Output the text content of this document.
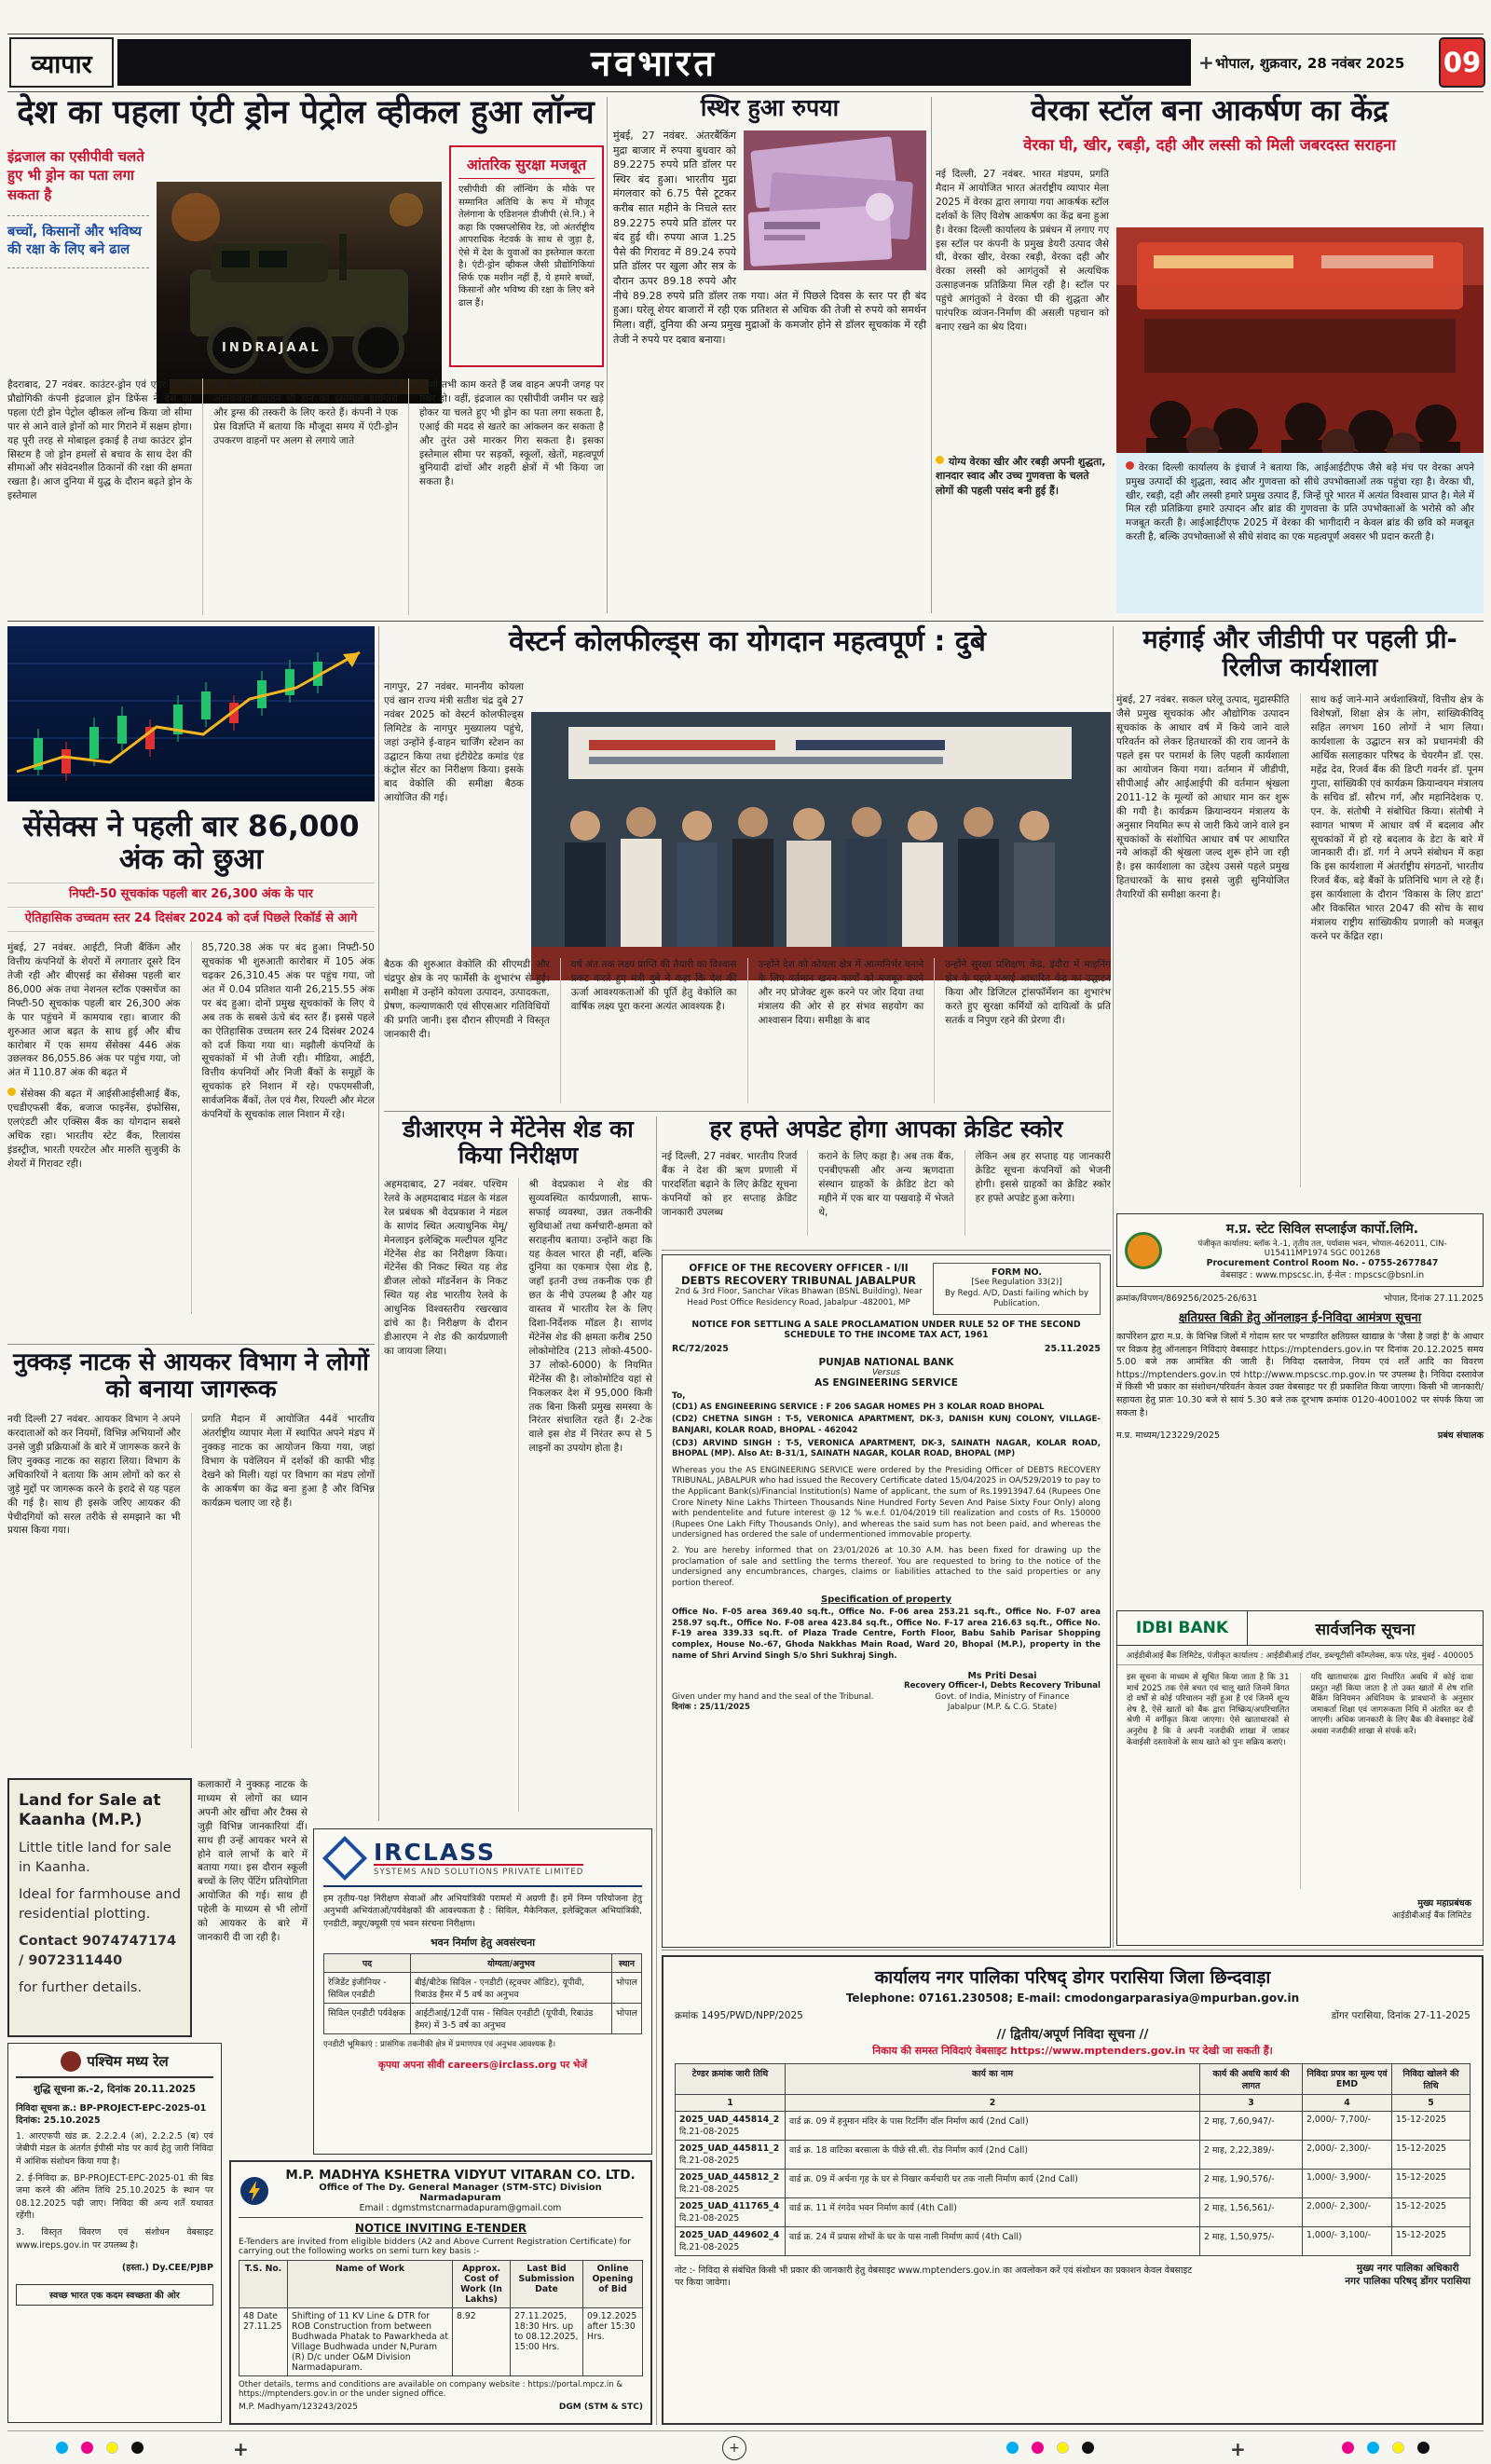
व्यापार	नवभारत	+ भोपाल, शुक्रवार, 28 नवंबर 2025	09
देश का पहला एंटी ड्रोन पेट्रोल व्हीकल हुआ लॉन्च
इंद्रजाल का एसीपीवी चलते हुए भी ड्रोन का पता लगा सकता है
बच्चों, किसानों और भविष्य की रक्षा के लिए बने ढाल
INDRAJAAL
आंतरिक सुरक्षा मजबूत
एसीपीवी की लॉन्चिंग के मौके पर सम्मानित अतिथि के रूप में मौजूद तेलंगाना के एडिशनल डीजीपी (से.नि.) ने कहा कि एक्सप्लोसिव रेड, जो अंतर्राष्ट्रीय आपराधिक नेटवर्क के साथ से जुड़ा है, ऐसे में देश के युवाओं का इस्तेमाल करता है। एंटी-ड्रोन व्हीकल जैसी प्रौद्योगिकियां सिर्फ एक मशीन नहीं हैं, ये हमारे बच्चों, किसानों और भविष्य की रक्षा के लिए बने ढाल हैं।
हैदराबाद, 27 नवंबर. काउंटर-ड्रोन एवं एयर डिफेंस प्रौद्योगिकी कंपनी इंद्रजाल ड्रोन डिफेंस ने देश का पहला एंटी ड्रोन पेट्रोल व्हीकल लॉन्च किया जो सीमा पार से आने वाले ड्रोनों को मार गिराने में सक्षम होगा। यह पूरी तरह से मोबाइल इकाई है तथा काउंटर ड्रोन सिस्टम है जो ड्रोन हमलों से बचाव के साथ देश की सीमाओं और संवेदनशील ठिकानों की रक्षा की क्षमता रखता है। आज दुनिया में युद्ध के दौरान बढ़ते ड्रोन के इस्तेमाल
को ध्यान में रखते हुए बनाया गया है। सीमा पार से आतंकवादी संगठन भी ड्रोन का इस्तेमाल हथियारों और ड्रग्स की तस्करी के लिए करते हैं। कंपनी ने एक प्रेस विज्ञप्ति में बताया कि मौजूदा समय में एंटी-ड्रोन उपकरण वाहनों पर अलग से लगाये जाते
हैं जो तभी काम करते हैं जब वाहन अपनी जगह पर स्थिर हो। वहीं, इंद्रजाल का एसीपीवी जमीन पर खड़े होकर या चलते हुए भी ड्रोन का पता लगा सकता है, एआई की मदद से खतरे का आंकलन कर सकता है और तुरंत उसे मारकर गिरा सकता है। इसका इस्तेमाल सीमा पर सड़कों, स्कूलों, खेतों, महत्वपूर्ण बुनियादी ढांचों और शहरी क्षेत्रों में भी किया जा सकता है।
स्थिर हुआ रुपया
मुंबई, 27 नवंबर. अंतरबैंकिंग मुद्रा बाजार में रुपया बुधवार को 89.2275 रुपये प्रति डॉलर पर स्थिर बंद हुआ। भारतीय मुद्रा मंगलवार को 6.75 पैसे टूटकर करीब सात महीने के निचले स्तर 89.2275 रुपये प्रति डॉलर पर बंद हुई थी। रुपया आज 1.25 पैसे की गिरावट में 89.24 रुपये प्रति डॉलर पर खुला और सत्र के दौरान ऊपर 89.18 रुपये और नीचे 89.28 रुपये प्रति डॉलर तक गया। अंत में पिछले दिवस के स्तर पर ही बंद हुआ। घरेलू शेयर बाजारों में रही एक प्रतिशत से अधिक की तेजी से रुपये को समर्थन मिला। वहीं, दुनिया की अन्य प्रमुख मुद्राओं के कमजोर होने से डॉलर सूचकांक में रही तेजी ने रुपये पर दबाव बनाया।
वेरका स्टॉल बना आकर्षण का केंद्र
वेरका घी, खीर, रबड़ी, दही और लस्सी को मिली जबरदस्त सराहना
नई दिल्ली, 27 नवंबर. भारत मंडपम, प्रगति मैदान में आयोजित भारत अंतर्राष्ट्रीय व्यापार मेला 2025 में वेरका द्वारा लगाया गया आकर्षक स्टॉल दर्शकों के लिए विशेष आकर्षण का केंद्र बना हुआ है। वेरका दिल्ली कार्यालय के प्रबंधन में लगाए गए इस स्टॉल पर कंपनी के प्रमुख डेयरी उत्पाद जैसे घी, वेरका खीर, वेरका रबड़ी, वेरका दही और वेरका लस्सी को आगंतुकों से अत्यधिक उत्साहजनक प्रतिक्रिया मिल रही है। स्टॉल पर पहुंचे आगंतुकों ने वेरका घी की शुद्धता और पारंपरिक व्यंजन-निर्माण की असली पहचान को बनाए रखने का श्रेय दिया।
योग्य वेरका खीर और रबड़ी अपनी शुद्धता, शानदार स्वाद और उच्च गुणवत्ता के चलते लोगों की पहली पसंद बनी हुई हैं।
वेरका दिल्ली कार्यालय के इंचार्ज ने बताया कि, आईआईटीएफ जैसे बड़े मंच पर वेरका अपने प्रमुख उत्पादों की शुद्धता, स्वाद और गुणवत्ता को सीधे उपभोक्ताओं तक पहुंचा रहा है। वेरका घी, खीर, रबड़ी, दही और लस्सी हमारे प्रमुख उत्पाद हैं, जिन्हें पूरे भारत में अत्यंत विश्वास प्राप्त है। मेले में मिल रही प्रतिक्रिया हमारे उत्पादन और ब्रांड की गुणवत्ता के प्रति उपभोक्ताओं के भरोसे को और मजबूत करती है। आईआईटीएफ 2025 में वेरका की भागीदारी न केवल ब्रांड की छवि को मजबूत करती है, बल्कि उपभोक्ताओं से सीधे संवाद का एक महत्वपूर्ण अवसर भी प्रदान करती है।
सेंसेक्स ने पहली बार 86,000 अंक को छुआ
निफ्टी-50 सूचकांक पहली बार 26,300 अंक के पार
ऐतिहासिक उच्चतम स्तर 24 दिसंबर 2024 को दर्ज पिछले रिकॉर्ड से आगे
मुंबई, 27 नवंबर. आईटी, निजी बैंकिंग और वित्तीय कंपनियों के शेयरों में लगातार दूसरे दिन तेजी रही और बीएसई का सेंसेक्स पहली बार 86,000 अंक तथा नेशनल स्टॉक एक्सचेंज का निफ्टी-50 सूचकांक पहली बार 26,300 अंक के पार पहुंचने में कामयाब रहा। बाजार की शुरुआत आज बढ़त के साथ हुई और बीच कारोबार में एक समय सेंसेक्स 446 अंक उछलकर 86,055.86 अंक पर पहुंच गया, जो अंत में 110.87 अंक की बढ़त में
सेंसेक्स की बढ़त में आईसीआईसीआई बैंक, एचडीएफसी बैंक, बजाज फाइनेंस, इंफोसिस, एलएंडटी और एक्सिस बैंक का योगदान सबसे अधिक रहा। भारतीय स्टेट बैंक, रिलायंस इंडस्ट्रीज, भारती एयरटेल और मारुति सुजुकी के शेयरों में गिरावट रही।
85,720.38 अंक पर बंद हुआ। निफ्टी-50 सूचकांक भी शुरुआती कारोबार में 105 अंक चढ़कर 26,310.45 अंक पर पहुंच गया, जो अंत में 0.04 प्रतिशत यानी 26,215.55 अंक पर बंद हुआ। दोनों प्रमुख सूचकांकों के लिए ये अब तक के सबसे ऊंचे बंद स्तर हैं। इससे पहले का ऐतिहासिक उच्चतम स्तर 24 दिसंबर 2024 को दर्ज किया गया था। मझौली कंपनियों के सूचकांकों में भी तेजी रही। मीडिया, आईटी, वित्तीय कंपनियों और निजी बैंकों के समूहों के सूचकांक हरे निशान में रहे। एफएमसीजी, सार्वजनिक बैंकों, तेल एवं गैस, रियल्टी और मेटल कंपनियों के सूचकांक लाल निशान में रहे।
वेस्टर्न कोलफील्ड्स का योगदान महत्वपूर्ण : दुबे
नागपुर, 27 नवंबर. माननीय कोयला एवं खान राज्य मंत्री सतीश चंद्र दुबे 27 नवंबर 2025 को वेस्टर्न कोलफील्ड्स लिमिटेड के नागपुर मुख्यालय पहुंचे, जहां उन्होंने ई-वाहन चार्जिंग स्टेशन का उद्घाटन किया तथा इंटीग्रेटेड कमांड एंड कंट्रोल सेंटर का निरीक्षण किया। इसके बाद वेकोलि की समीक्षा बैठक आयोजित की गई।
बैठक की शुरुआत वेकोलि की सीएमडी और चंद्रपुर क्षेत्र के नए फार्मेसी के शुभारंभ से हुई। समीक्षा में उन्होंने कोयला उत्पादन, उत्पादकता, प्रेषण, कल्याणकारी एवं सीएसआर गतिविधियों की प्रगति जानी। इस दौरान सीएमडी ने विस्तृत जानकारी दी।
वर्ष अंत तक लक्ष्य प्राप्ति की तैयारी का विश्वास प्रकट करते हुए मंत्री दुबे ने कहा कि देश की ऊर्जा आवश्यकताओं की पूर्ति हेतु वेकोलि का वार्षिक लक्ष्य पूरा करना अत्यंत आवश्यक है।
उन्होंने देश को कोयला क्षेत्र में आत्मनिर्भर बनाने के लिए वर्तमान खनन कार्यों को मजबूत करने और नए प्रोजेक्ट शुरू करने पर जोर दिया तथा मंत्रालय की ओर से हर संभव सहयोग का आश्वासन दिया। समीक्षा के बाद
उन्होंने सुरक्षा प्रशिक्षण केंद्र, इंदौरा में माइनिंग क्षेत्र के पहले एआई आधारित केंद्र का उद्घाटन किया और डिजिटल ट्रांसफॉर्मेशन का शुभारंभ करते हुए सुरक्षा कर्मियों को दायित्वों के प्रति सतर्क व निपुण रहने की प्रेरणा दी।
महंगाई और जीडीपी पर पहली प्री-रिलीज कार्यशाला
मुंबई, 27 नवंबर. सकल घरेलू उत्पाद, मुद्रास्फीति जैसे प्रमुख सूचकांक और औद्योगिक उत्पादन सूचकांक के आधार वर्ष में किये जाने वाले परिवर्तन को लेकर हितधारकों की राय जानने के पहले इस पर परामर्श के लिए पहली कार्यशाला का आयोजन किया गया। वर्तमान में जीडीपी, सीपीआई और आईआईपी की वर्तमान श्रृंखला 2011-12 के मूल्यों को आधार मान कर शुरू की गयी है। कार्यक्रम क्रियान्वयन मंत्रालय के अनुसार नियमित रूप से जारी किये जाने वाले इन सूचकांकों के संशोधित आधार वर्ष पर आधारित नये आंकड़ों की श्रृंखला जल्द शुरू होने जा रही है। इस कार्यशाला का उद्देश्य उससे पहले प्रमुख हितधारकों के साथ इससे जुड़ी सुनियोजित तैयारियों की समीक्षा करना है।
साथ कई जा​ने-माने अर्थशास्त्रियों, वित्तीय क्षेत्र के विशेषज्ञों, शिक्षा क्षेत्र के लोग, सांख्यिकीविद् सहित लगभग 160 लोगों ने भाग लिया। कार्यशाला के उद्घाटन सत्र को प्रधानमंत्री की आर्थिक सलाहकार परिषद के चेयरमैन डॉ. एस. महेंद्र देव, रिजर्व बैंक की डिप्टी गवर्नर डॉ. पूनम गुप्ता, सांख्यिकी एवं कार्यक्रम क्रियान्वयन मंत्रालय के सचिव डॉ. सौरभ गर्ग, और महानिदेशक ए. एन. के. संतोषी ने संबोधित किया। संतोषी ने स्वागत भाषण में आधार वर्ष में बदलाव और सूचकांकों में हो रहे बदलाव के डेटा के बारे में जानकारी दी। डॉ. गर्ग ने अपने संबोधन में कहा कि इस कार्यशाला में अंतर्राष्ट्रीय संगठनों, भारतीय रिजर्व बैंक, बड़े बैंकों के प्रतिनिधि भाग ले रहे हैं। इस कार्यशाला के दौरान 'विकास के लिए डाटा' और विकसित भारत 2047 की सोच के साथ मंत्रालय राष्ट्रीय सांख्यिकीय प्रणाली को मजबूत करने पर केंद्रित रहा।
डीआरएम ने मेंटेनेस शेड का किया निरीक्षण
अहमदाबाद, 27 नवंबर. पश्चिम रेलवे के अहमदाबाद मंडल के मंडल रेल प्रबंधक श्री वेदप्रकाश ने मंडल के साणंद स्थित अत्याधुनिक मेमू/मेनलाइन इलेक्ट्रिक मल्टीपल यूनिट मेंटेनेंस शेड का निरीक्षण किया। मेंटेनेंस की निकट स्थित यह शेड डीजल लोको मॉडर्नेशन के निकट स्थित यह शेड भारतीय रेलवे के आधुनिक विश्वस्तरीय रखरखाव ढांचे का है। निरीक्षण के दौरान डीआरएम ने शेड की कार्यप्रणाली का जायजा लिया।
श्री वेदप्रकाश ने शेड की सुव्यवस्थित कार्यप्रणाली, साफ-सफाई व्यवस्था, उन्नत तकनीकी सुविधाओं तथा कर्मचारी-क्षमता को सराहनीय बताया। उन्होंने कहा कि यह केवल भारत ही नहीं, बल्कि दुनिया का एकमात्र ऐसा शेड है, जहाँ इतनी उच्च तकनीक एक ही छत के नीचे उपलब्ध है और यह वास्तव में भारतीय रेल के लिए दिशा-निर्देशक मॉडल है। साणंद मेंटेनेंस शेड की क्षमता करीब 250 लोकोमोटिव (213 लोको-4500-37 लोको-6000) के नियमित मेंटेनेंस की है। लोकोमोटिव यहां से निकलकर देश में 95,000 किमी तक बिना किसी प्रमुख समस्या के निरंतर संचालित रहते हैं। 2-टेक वाले इस शेड में निरंतर रूप से 5 लाइनों का उपयोग होता है।
हर हफ्ते अपडेट होगा आपका क्रेडिट स्कोर
नई दिल्ली, 27 नवंबर. भारतीय रिजर्व बैंक ने देश की ऋण प्रणाली में पारदर्शिता बढ़ाने के लिए क्रेडिट सूचना कंपनियों को हर सप्ताह क्रेडिट जानकारी उपलब्ध
कराने के लिए कहा है। अब तक बैंक, एनबीएफसी और अन्य ऋणदाता संस्थान ग्राहकों के क्रेडिट डेटा को महीने में एक बार या पखवाड़े में भेजते थे,
लेकिन अब हर सप्ताह यह जानकारी क्रेडिट सूचना कंपनियों को भेजनी होगी। इससे ग्राहकों का क्रेडिट स्कोर हर हफ्ते अपडेट हुआ करेगा।
OFFICE OF THE RECOVERY OFFICER - I/II
DEBTS RECOVERY TRIBUNAL JABALPUR
2nd & 3rd Floor, Sanchar Vikas Bhawan (BSNL Building), Near Head Post Office Residency Road, Jabalpur -482001, MP
FORM NO.
[See Regulation 33(2)]
By Regd. A/D, Dasti failing which by Publication.
NOTICE FOR SETTLING A SALE PROCLAMATION UNDER RULE 52 OF THE SECOND SCHEDULE TO THE INCOME TAX ACT, 1961
RC/72/2025	25.11.2025
PUNJAB NATIONAL BANK
Versus
AS ENGINEERING SERVICE
To,
(CD1) AS ENGINEERING SERVICE : F 206 SAGAR HOMES PH 3 KOLAR ROAD BHOPAL
(CD2) CHETNA SINGH : T-5, VERONICA APARTMENT, DK-3, DANISH KUNJ COLONY, VILLAGE-BANJARI, KOLAR ROAD, BHOPAL - 462042
(CD3) ARVIND SINGH : T-5, VERONICA APARTMENT, DK-3, SAINATH NAGAR, KOLAR ROAD, BHOPAL (MP). Also At: B-31/1, SAINATH NAGAR, KOLAR ROAD, BHOPAL (MP)
Whereas you the AS ENGINEERING SERVICE were ordered by the Presiding Officer of DEBTS RECOVERY TRIBUNAL, JABALPUR who had issued the Recovery Certificate dated 15/04/2025 in OA/529/2019 to pay to the Applicant Bank(s)/Financial Institution(s) Name of applicant, the sum of Rs.19913947.64 (Rupees One Crore Ninety Nine Lakhs Thirteen Thousands Nine Hundred Forty Seven And Paise Sixty Four Only) along with pendentelite and future interest @ 12 % w.e.f. 01/04/2019 till realization and costs of Rs. 150000 (Rupees One Lakh Fifty Thousands Only), and whereas the said sum has not been paid, and whereas the undersigned has ordered the sale of undermentioned immovable property.
2. You are hereby informed that on 23/01/2026 at 10.30 A.M. has been fixed for drawing up the proclamation of sale and settling the terms thereof. You are requested to bring to the notice of the undersigned any encumbrances, charges, claims or liabilities attached to the said properties or any portion thereof.
Specification of property
Office No. F-05 area 369.40 sq.ft., Office No. F-06 area 253.21 sq.ft., Office No. F-07 area 258.97 sq.ft., Office No. F-08 area 423.84 sq.ft., Office No. F-17 area 216.63 sq.ft., Office No. F-19 area 339.33 sq.ft. of Plaza Trade Centre, Forth Floor, Babu Sahib Parisar Shopping complex, House No.-67, Ghoda Nakkhas Main Road, Ward 20, Bhopal (M.P.), property in the name of Shri Arvind Singh S/o Shri Sukhraj Singh.
Given under my hand and the seal of the Tribunal.
दिनांक : 25/11/2025
Ms Priti Desai
Recovery Officer-I, Debts Recovery Tribunal
Govt. of India, Ministry of Finance
Jabalpur (M.P. & C.G. State)
म.प्र. स्टेट सिविल सप्लाईज कार्पो.लिमि.
पंजीकृत कार्यालय: ब्लॉक ने.-1, तृतीय तल, पर्यावास भवन, भोपाल-462011, CIN-U15411MP1974 SGC 001268
Procurement Control Room No. - 0755-2677847
वेबसाइट : www.mpscsc.in, ई-मेल : mpscsc@bsnl.in
क्रमांक/विपणन/869256/2025-26/631	भोपाल, दिनांक 27.11.2025
क्षतिग्रस्त बिक्री हेतु ऑनलाइन ई-निविदा आमंत्रण सूचना
कार्पोरेशन द्वारा म.प्र. के विभिन्न जिलों में गोदाम स्तर पर भण्डारित क्षतिग्रस्त खाद्यान्न के 'जैसा है जहां है' के आधार पर विक्रय हेतु ऑनलाइन निविदाएं वेबसाइट https://mptenders.gov.in पर दिनांक 20.12.2025 समय 5.00 बजे तक आमंत्रित की जाती हैं। निविदा दस्तावेज, नियम एवं शर्तें आदि का विवरण https://mptenders.gov.in एवं http://www.mpscsc.mp.gov.in पर उपलब्ध है। निविदा दस्तावेज में किसी भी प्रकार का संशोधन/परिवर्तन केवल उक्त वेबसाइट पर ही प्रकाशित किया जाएगा। किसी भी जानकारी/सहायता हेतु प्रातः 10.30 बजे से सायं 5.30 बजे तक दूरभाष क्रमांक 0120-4001002 पर संपर्क किया जा सकता है।
म.प्र. माध्यम/123229/2025	प्रबंध संचालक
IDBI BANK	सार्वजनिक सूचना
आईडीबीआई बैंक लिमिटेड, पंजीकृत कार्यालय : आईडीबीआई टॉवर, डब्ल्यूटीसी कॉम्प्लेक्स, कफ परेड, मुंबई - 400005
इस सूचना के माध्यम से सूचित किया जाता है कि 31 मार्च 2025 तक ऐसे बचत एवं चालू खाते जिनमें विगत दो वर्षों से कोई परिचालन नहीं हुआ है एवं जिनमें शून्य शेष है, ऐसे खातों को बैंक द्वारा निष्क्रिय/अपरिचालित श्रेणी में वर्गीकृत किया जाएगा। ऐसे खाताधारकों से अनुरोध है कि वे अपनी नजदीकी शाखा में जाकर केवाईसी दस्तावेजों के साथ खाते को पुनः सक्रिय कराएं।
यदि खाताधारक द्वारा निर्धारित अवधि में कोई दावा प्रस्तुत नहीं किया जाता है तो उक्त खातों में शेष राशि बैंकिंग विनियमन अधिनियम के प्रावधानों के अनुसार जमाकर्ता शिक्षा एवं जागरूकता निधि में अंतरित कर दी जाएगी। अधिक जानकारी के लिए बैंक की वेबसाइट देखें अथवा नजदीकी शाखा से संपर्क करें।
मुख्य महाप्रबंधक
आईडीबीआई बैंक लिमिटेड
नुक्कड़ नाटक से आयकर विभाग ने लोगों को बनाया जागरूक
नयी दिल्ली 27 नवंबर. आयकर विभाग ने अपने करदाताओं को कर नियमों, विभिन्न अभियानों और उनसे जुड़ी प्रक्रियाओं के बारे में जागरूक करने के लिए नुक्कड़ नाटक का सहारा लिया। विभाग के अधिकारियों ने बताया कि आम लोगों को कर से जुड़े मुद्दों पर जागरूक करने के इरादे से यह पहल की गई है। साथ ही इसके जरिए आयकर की पेचीदगियों को सरल तरीके से समझाने का भी प्रयास किया गया।
प्रगति मैदान में आयोजित 44वें भारतीय अंतर्राष्ट्रीय व्यापार मेला में स्थापित अपने मंडप में नुक्कड़ नाटक का आयोजन किया गया, जहां विभाग के पवेलियन में दर्शकों की काफी भीड़ देखने को मिली। यहां पर विभाग का मंडप लोगों के आकर्षण का केंद्र बना हुआ है और विभिन्न कार्यक्रम चलाए जा रहे हैं।
Land for Sale at Kaanha (M.P.)

Little title land for sale in Kaanha.

Ideal for farmhouse and residential plotting.

Contact 9074747174 / 9072311440

for further details.

कलाकारों ने नुक्कड़ नाटक के माध्यम से लोगों का ध्यान अपनी ओर खींचा और टैक्स से जुड़ी विभिन्न जानकारियां दीं। साथ ही उन्हें आयकर भरने से होने वाले लाभों के बारे में बताया गया। इस दौरान स्कूली बच्चों के लिए पेंटिंग प्रतियोगिता आयोजित की गई। साथ ही पहेली के माध्यम से भी लोगों को आयकर के बारे में जानकारी दी जा रही है।
IRCLASS
SYSTEMS AND SOLUTIONS PRIVATE LIMITED
हम तृतीय-पक्ष निरीक्षण सेवाओं और अभियांत्रिकी परामर्श में अग्रणी हैं। हमें निम्न परियोजना हेतु अनुभवी अभियंताओं/पर्यवेक्षकों की आवश्यकता है : सिविल, मैकेनिकल, इलेक्ट्रिकल अभियांत्रिकी, एनडीटी, क्यूए/क्यूसी एवं भवन संरचना निरीक्षण।
भवन निर्माण हेतु अवसंरचना
पद	योग्यता/अनुभव	स्थान
रेजिडेंट इंजीनियर - सिविल एनडीटी	बीई/बीटेक सिविल - एनडीटी (स्ट्रक्चर ऑडिट), यूपीवी, रिबाउंड हैमर में 5 वर्ष का अनुभव	भोपाल
सिविल एनडीटी पर्यवेक्षक	आईटीआई/12वीं पास - सिविल एनडीटी (यूपीवी, रिबाउंड हैमर) में 3-5 वर्ष का अनुभव	भोपाल
एनडीटी भूमिकाएं : प्रासंगिक तकनीकी क्षेत्र में प्रमाणपत्र एवं अनुभव आवश्यक है।
कृपया अपना सीवी careers@irclass.org पर भेजें
पश्चिम मध्य रेल
शुद्धि सूचना क्र.-2, दिनांक 20.11.2025
निविदा सूचना क्र.: BP-PROJECT-EPC-2025-01 दिनांक: 25.10.2025
1. आरएफपी खंड क्र. 2.2.2.4 (अ), 2.2.2.5 (ब) एवं जेबीपी मंडल के अंतर्गत ईपीसी मोड पर कार्य हेतु जारी निविदा में आंशिक संशोधन किया गया है।
2. ई-निविदा क्र. BP-PROJECT-EPC-2025-01 की बिड जमा करने की अंतिम तिथि 25.10.2025 के स्थान पर 08.12.2025 पढ़ी जाए। निविदा की अन्य शर्तें यथावत रहेंगी।
3. विस्तृत विवरण एवं संशोधन वेबसाइट www.ireps.gov.in पर उपलब्ध है।
(हस्ता.) Dy.CEE/PJBP
स्वच्छ भारत एक कदम स्वच्छता की ओर
M.P. MADHYA KSHETRA VIDYUT VITARAN CO. LTD.
Office of The Dy. General Manager (STM-STC) Division Narmadapuram
Email : dgmstmstcnarmadapuram@gmail.com
NOTICE INVITING E-TENDER
E-Tenders are invited from eligible bidders (A2 and Above Current Registration Certificate) for carrying out the following works on semi turn key basis :-
T.S. No.	Name of Work	Approx. Cost of Work (In Lakhs)	Last Bid Submission Date	Online Opening of Bid
48 Date 27.11.25	Shifting of 11 KV Line & DTR for ROB Construction from between Budhwada Phatak to Pawarkheda at Village Budhwada under N,Puram (R) D/c under O&M Division Narmadapuram.	8.92	27.11.2025, 18:30 Hrs. up to 08.12.2025, 15:00 Hrs.	09.12.2025 after 15:30 Hrs.
Other details, terms and conditions are available on company website : https://portal.mpcz.in & https://mptenders.gov.in or the under signed office.
M.P. Madhyam/123243/2025	DGM (STM & STC)
कार्यालय नगर पालिका परिषद् डोगर परासिया जिला छिन्दवाड़ा
Telephone: 07161.230508; E-mail: cmodongarparasiya@mpurban.gov.in
क्रमांक 1495/PWD/NPP/2025	डोंगर परासिया, दिनांक 27-11-2025
// द्वितीय/अपूर्ण निविदा सूचना //
निकाय की समस्त निविदाएं वेबसाइट https://www.mptenders.gov.in पर देखी जा सकती हैं।
टेण्डर क्रमांक जारी तिथि	कार्य का नाम	कार्य की अवधि कार्य की लागत	निविदा प्रपत्र का मूल्य एवं EMD	निविदा खोलने की तिथि
1	2	3	4	5

2025_UAD_445814_2
दि.21-08-2025	वार्ड क्र. 09 में हनुमान मंदिर के पास रिटर्निंग वॉल निर्माण कार्य (2nd Call)	2 माह, 7,60,947/-	2,000/- 7,700/-	15-12-2025

2025_UAD_445811_2
दि.21-08-2025	वार्ड क्र. 18 वाटिका बरसाला के पीछे सी.सी. रोड निर्माण कार्य (2nd Call)	2 माह, 2,22,389/-	2,000/- 2,300/-	15-12-2025

2025_UAD_445812_2
दि.21-08-2025	वार्ड क्र. 09 में अर्चना गृह के घर से निखार कर्मचारी घर तक नाली निर्माण कार्य (2nd Call)	2 माह, 1,90,576/-	1,000/- 3,900/-	15-12-2025

2025_UAD_411765_4
दि.21-08-2025	वार्ड क्र. 11 में रंगदेव भवन निर्माण कार्य (4th Call)	2 माह, 1,56,561/-	2,000/- 2,300/-	15-12-2025

2025_UAD_449602_4
दि.21-08-2025	वार्ड क्र. 24 में प्रयास शोभों के घर के पास नाली निर्माण कार्य (4th Call)	2 माह, 1,50,975/-	1,000/- 3,100/-	15-12-2025
नोट :- निविदा से संबंधित किसी भी प्रकार की जानकारी हेतु वेबसाइट www.mptenders.gov.in का अवलोकन करें एवं संशोधन का प्रकाशन केवल वेबसाइट पर किया जावेगा।
मुख्य नगर पालिका अधिकारी
नगर पालिका परिषद् डोंगर परासिया

+	+
	+
